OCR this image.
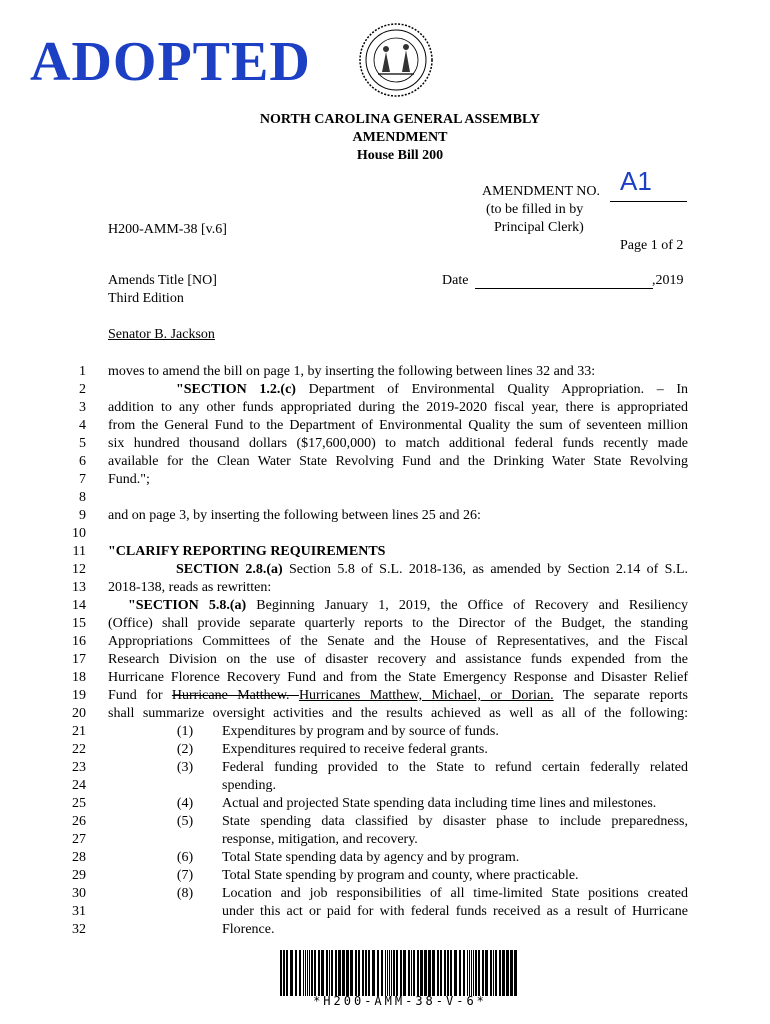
ADOPTED
NORTH CAROLINA GENERAL ASSEMBLY
AMENDMENT
House Bill 200
AMENDMENT NO. A1
(to be filled in by
Principal Clerk)
H200-AMM-38 [v.6]
Page 1 of 2
Amends Title [NO]
Third Edition
Date	,2019
Senator B. Jackson
1
2
3
4
5
6
7
8
9
10
11
12
13
14
15
16
17
18
19
20
21
22
23
24
25
26
27
28
29
30
31
32
moves to amend the bill on page 1, by inserting the following between lines 32 and 33:
"SECTION 1.2.(c) Department of Environmental Quality Appropriation. – In
addition to any other funds appropriated during the 2019-2020 fiscal year, there is appropriated
from the General Fund to the Department of Environmental Quality the sum of seventeen million
six hundred thousand dollars ($17,600,000) to match additional federal funds recently made
available for the Clean Water State Revolving Fund and the Drinking Water State Revolving
Fund.";
and on page 3, by inserting the following between lines 25 and 26:
"CLARIFY REPORTING REQUIREMENTS
SECTION 2.8.(a) Section 5.8 of S.L. 2018-136, as amended by Section 2.14 of S.L.
2018-138, reads as rewritten:
"SECTION 5.8.(a) Beginning January 1, 2019, the Office of Recovery and Resiliency
(Office) shall provide separate quarterly reports to the Director of the Budget, the standing
Appropriations Committees of the Senate and the House of Representatives, and the Fiscal
Research Division on the use of disaster recovery and assistance funds expended from the
Hurricane Florence Recovery Fund and from the State Emergency Response and Disaster Relief
Fund for Hurricane Matthew. Hurricanes Matthew, Michael, or Dorian. The separate reports
shall summarize oversight activities and the results achieved as well as all of the following:
(1)	Expenditures by program and by source of funds.
(2)	Expenditures required to receive federal grants.
(3)	Federal funding provided to the State to refund certain federally related
spending.
(4)	Actual and projected State spending data including time lines and milestones.
(5)	State spending data classified by disaster phase to include preparedness,
response, mitigation, and recovery.
(6)	Total State spending data by agency and by program.
(7)	Total State spending by program and county, where practicable.
(8)	Location and job responsibilities of all time-limited State positions created
under this act or paid for with federal funds received as a result of Hurricane
Florence.
*H200-AMM-38-V-6*
